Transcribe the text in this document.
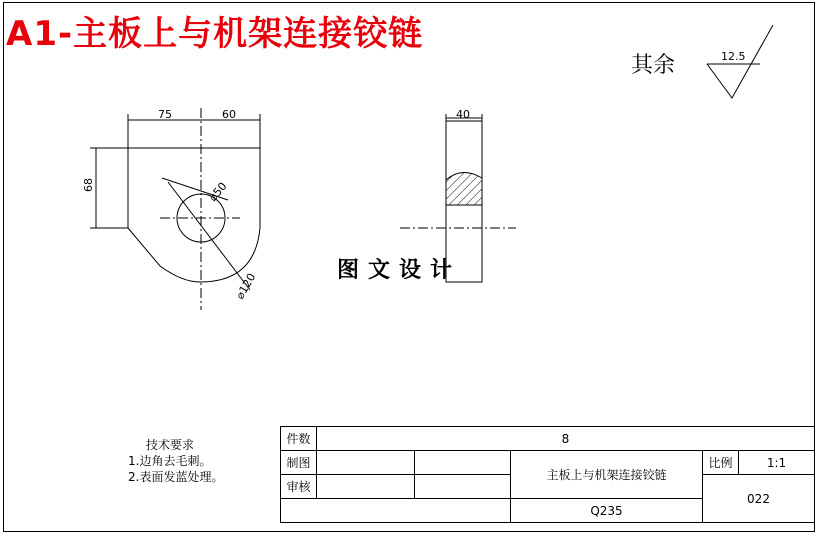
A1-主板上与机架连接铰链
其余	12.5
75	60
68	⌀50
⌀120
40
图文设计
技术要求
1.边角去毛刺。
2.表面发蓝处理。
件数	8				
制图			主板上与机架连接铰链	比例	1:1
审核				022	
			Q235		
